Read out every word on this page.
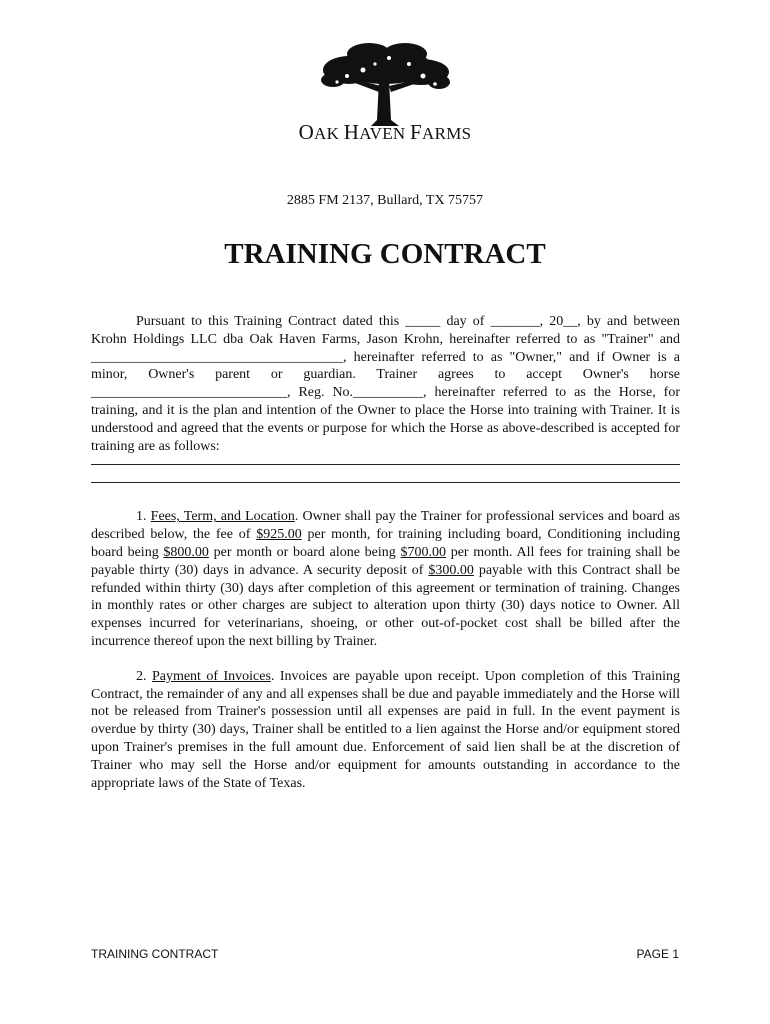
OAK HAVEN FARMS
2885 FM 2137, Bullard, TX 75757
TRAINING CONTRACT

Pursuant to this Training Contract dated this _____ day of _______, 20__, by and between Krohn Holdings LLC dba Oak Haven Farms, Jason Krohn, hereinafter referred to as "Trainer" and ____________________________________, hereinafter referred to as "Owner," and if Owner is a minor, Owner's parent or guardian. Trainer agrees to accept Owner's horse ____________________________, Reg. No.__________, hereinafter referred to as the Horse, for training, and it is the plan and intention of the Owner to place the Horse into training with Trainer. It is understood and agreed that the events or purpose for which the Horse as above-described is accepted for training are as follows:

1. Fees, Term, and Location. Owner shall pay the Trainer for professional services and board as described below, the fee of $925.00 per month, for training including board, Conditioning including board being $800.00 per month or board alone being $700.00 per month. All fees for training shall be payable thirty (30) days in advance. A security deposit of $300.00 payable with this Contract shall be refunded within thirty (30) days after completion of this agreement or termination of training. Changes in monthly rates or other charges are subject to alteration upon thirty (30) days notice to Owner. All expenses incurred for veterinarians, shoeing, or other out-of-pocket cost shall be billed after the incurrence thereof upon the next billing by Trainer.

2. Payment of Invoices. Invoices are payable upon receipt. Upon completion of this Training Contract, the remainder of any and all expenses shall be due and payable immediately and the Horse will not be released from Trainer's possession until all expenses are paid in full. In the event payment is overdue by thirty (30) days, Trainer shall be entitled to a lien against the Horse and/or equipment stored upon Trainer's premises in the full amount due. Enforcement of said lien shall be at the discretion of Trainer who may sell the Horse and/or equipment for amounts outstanding in accordance to the appropriate laws of the State of Texas.

TRAINING CONTRACT	PAGE 1
